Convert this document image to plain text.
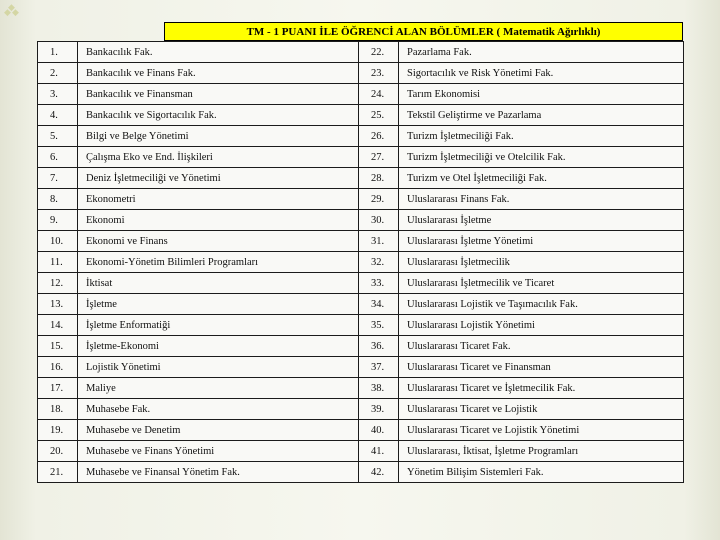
◆
◆ ◆
TM - 1 PUANI İLE ÖĞRENCİ ALAN BÖLÜMLER ( Matematik Ağırlıklı)
1.	Bankacılık Fak.	22.	Pazarlama Fak.
2.	Bankacılık ve Finans Fak.	23.	Sigortacılık ve Risk Yönetimi Fak.
3.	Bankacılık ve Finansman	24.	Tarım Ekonomisi
4.	Bankacılık ve Sigortacılık Fak.	25.	Tekstil Geliştirme ve Pazarlama
5.	Bilgi ve Belge Yönetimi	26.	Turizm İşletmeciliği Fak.
6.	Çalışma Eko ve End. İlişkileri	27.	Turizm İşletmeciliği ve Otelcilik Fak.
7.	Deniz İşletmeciliği ve Yönetimi	28.	Turizm ve Otel İşletmeciliği Fak.
8.	Ekonometri	29.	Uluslararası Finans Fak.
9.	Ekonomi	30.	Uluslararası İşletme
10.	Ekonomi ve Finans	31.	Uluslararası İşletme Yönetimi
11.	Ekonomi-Yönetim Bilimleri Programları	32.	Uluslararası İşletmecilik
12.	İktisat	33.	Uluslararası İşletmecilik ve Ticaret
13.	İşletme	34.	Uluslararası Lojistik ve Taşımacılık Fak.
14.	İşletme Enformatiği	35.	Uluslararası Lojistik Yönetimi
15.	İşletme-Ekonomi	36.	Uluslararası Ticaret Fak.
16.	Lojistik Yönetimi	37.	Uluslararası Ticaret ve Finansman
17.	Maliye	38.	Uluslararası Ticaret ve İşletmecilik Fak.
18.	Muhasebe Fak.	39.	Uluslararası Ticaret ve Lojistik
19.	Muhasebe ve Denetim	40.	Uluslararası Ticaret ve Lojistik Yönetimi
20.	Muhasebe ve Finans Yönetimi	41.	Uluslararası, İktisat, İşletme Programları
21.	Muhasebe ve Finansal Yönetim Fak.	42.	Yönetim Bilişim Sistemleri Fak.
